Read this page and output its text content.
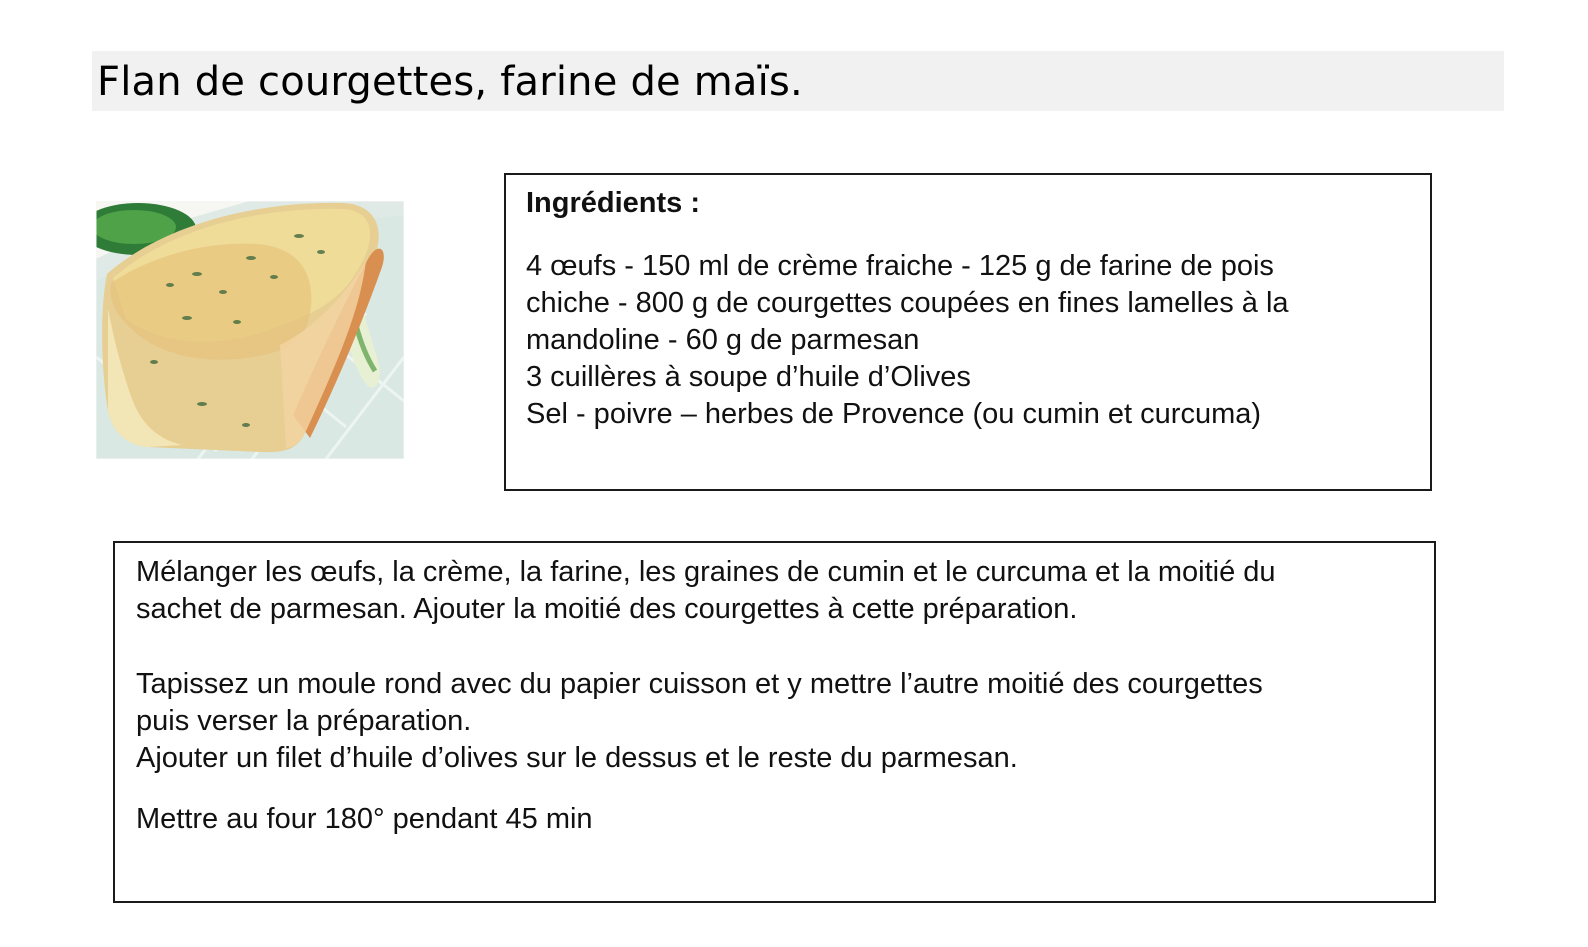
Flan de courgettes, farine de maïs.
Ingrédients :
4 œufs - 150 ml de crème fraiche - 125 g de farine de pois
chiche - 800 g de courgettes coupées en fines lamelles à la
mandoline - 60 g de parmesan
3 cuillères à soupe d’huile d’Olives
Sel - poivre – herbes de Provence (ou cumin et curcuma)
Mélanger les œufs, la crème, la farine, les graines de cumin et le curcuma et la moitié du
sachet de parmesan. Ajouter la moitié des courgettes à cette préparation.
Tapissez un moule rond avec du papier cuisson et y mettre l’autre moitié des courgettes
puis verser la préparation.
Ajouter un filet d’huile d’olives sur le dessus et le reste du parmesan.
Mettre au four 180° pendant 45 min
